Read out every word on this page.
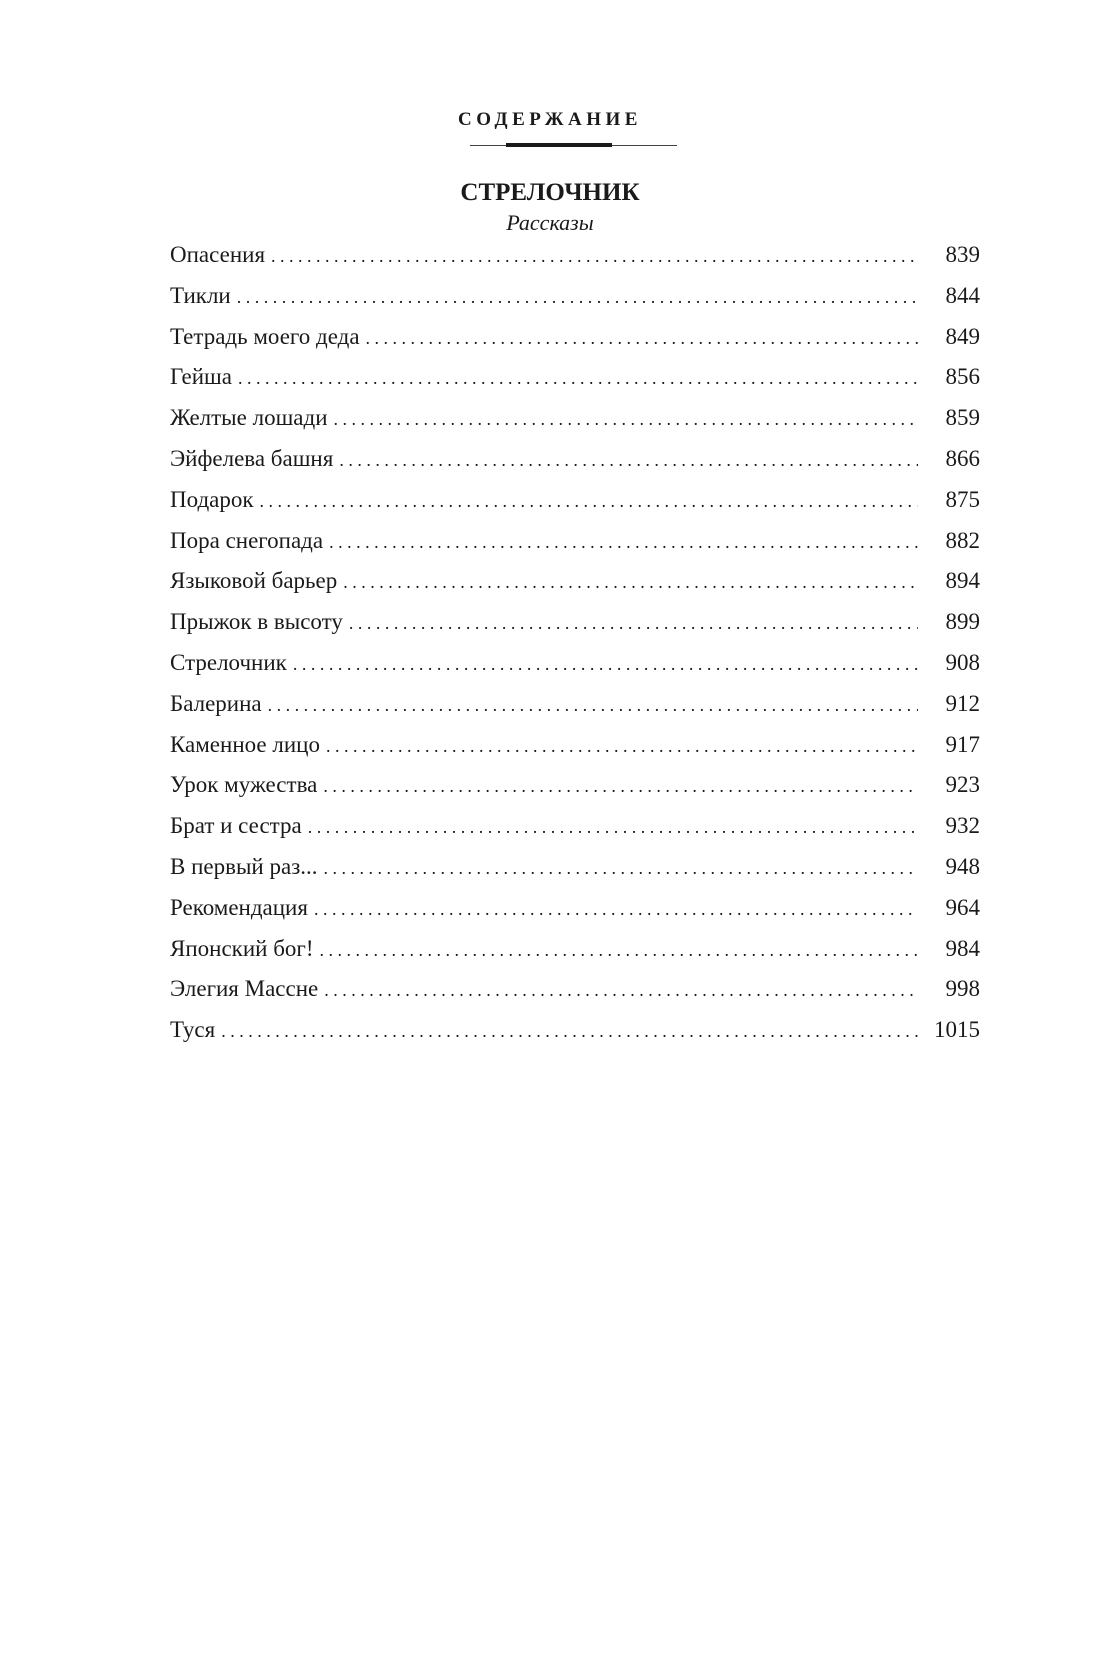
СОДЕРЖАНИЕ
СТРЕЛОЧНИК
Рассказы
Опасения . . .	839
Тикли . . .	844
Тетрадь моего деда . . .	849
Гейша . . .	856
Желтые лошади . . .	859
Эйфелева башня . . .	866
Подарок . . .	875
Пора снегопада . . .	882
Языковой барьер . . .	894
Прыжок в высоту . . .	899
Стрелочник . . .	908
Балерина . . .	912
Каменное лицо . . .	917
Урок мужества . . .	923
Брат и сестра . . .	932
В первый раз... . . .	948
Рекомендация . . .	964
Японский бог! . . .	984
Элегия Массне . . .	998
Туся . . .	1015
